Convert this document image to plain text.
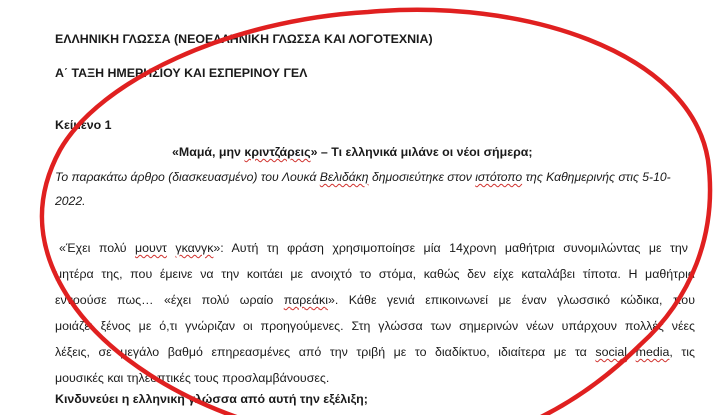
ΕΛΛΗΝΙΚΗ ΓΛΩΣΣΑ (ΝΕΟΕΛΛΗΝΙΚΗ ΓΛΩΣΣΑ ΚΑΙ ΛΟΓΟΤΕΧΝΙΑ)
Α΄ ΤΑΞΗ ΗΜΕΡΗΣΙΟΥ ΚΑΙ ΕΣΠΕΡΙΝΟΥ ΓΕΛ
Κείμενο 1
«Μαμά, μην κριντζάρεις» – Τι ελληνικά μιλάνε οι νέοι σήμερα;
Το παρακάτω άρθρο (διασκευασμένο) του Λουκά Βελιδάκη δημοσιεύτηκε στον ιστότοπο της Καθημερινής στις 5-10-
2022.
«Έχει πολύ μουντ γκανγκ»: Αυτή τη φράση χρησιμοποίησε μία 14χρονη μαθήτρια συνομιλώντας με την
μητέρα της, που έμεινε να την κοιτάει με ανοιχτό το στόμα, καθώς δεν είχε καταλάβει τίποτα. Η μαθήτρια
εννοούσε πως… «έχει πολύ ωραίο παρεάκι». Κάθε γενιά επικοινωνεί με έναν γλωσσικό κώδικα, που
μοιάζει ξένος με ό,τι γνώριζαν οι προηγούμενες. Στη γλώσσα των σημερινών νέων υπάρχουν πολλές νέες
λέξεις, σε μεγάλο βαθμό επηρεασμένες από την τριβή με το διαδίκτυο, ιδιαίτερα με τα social media, τις
μουσικές και τηλεοπτικές τους προσλαμβάνουσες.
Κινδυνεύει η ελληνική γλώσσα από αυτή την εξέλιξη;
